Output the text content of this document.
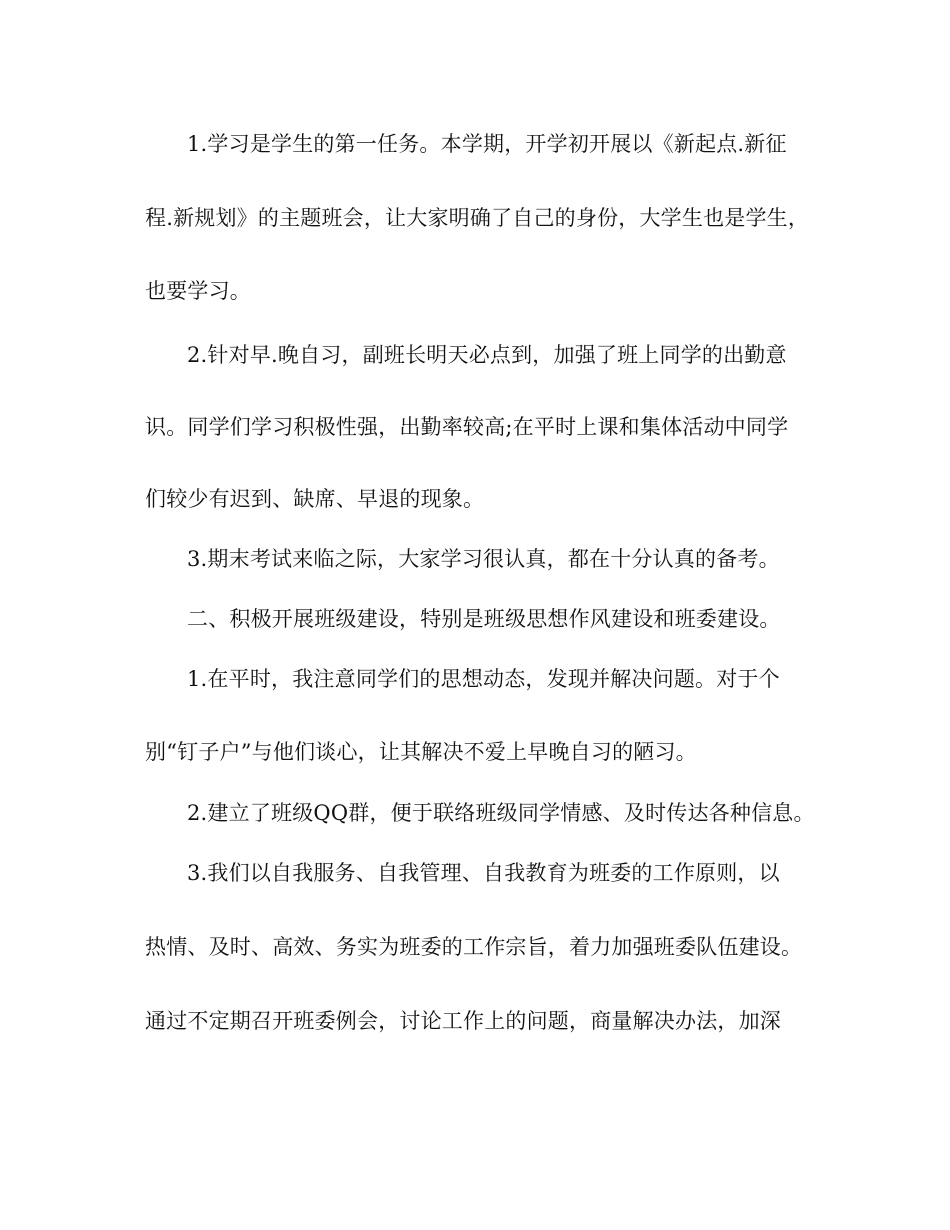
1.学习是学生的第一任务。本学期，开学初开展以《新起点.新征
程.新规划》的主题班会，让大家明确了自己的身份，大学生也是学生，
也要学习。
2.针对早.晚自习，副班长明天必点到，加强了班上同学的出勤意
识。同学们学习积极性强，出勤率较高;在平时上课和集体活动中同学
们较少有迟到、缺席、早退的现象。
3.期末考试来临之际，大家学习很认真，都在十分认真的备考。
二、积极开展班级建设，特别是班级思想作风建设和班委建设。
1.在平时，我注意同学们的思想动态，发现并解决问题。对于个
别“钉子户”与他们谈心，让其解决不爱上早晚自习的陋习。
2.建立了班级QQ群，便于联络班级同学情感、及时传达各种信息。
3.我们以自我服务、自我管理、自我教育为班委的工作原则，以
热情、及时、高效、务实为班委的工作宗旨，着力加强班委队伍建设。
通过不定期召开班委例会，讨论工作上的问题，商量解决办法，加深
